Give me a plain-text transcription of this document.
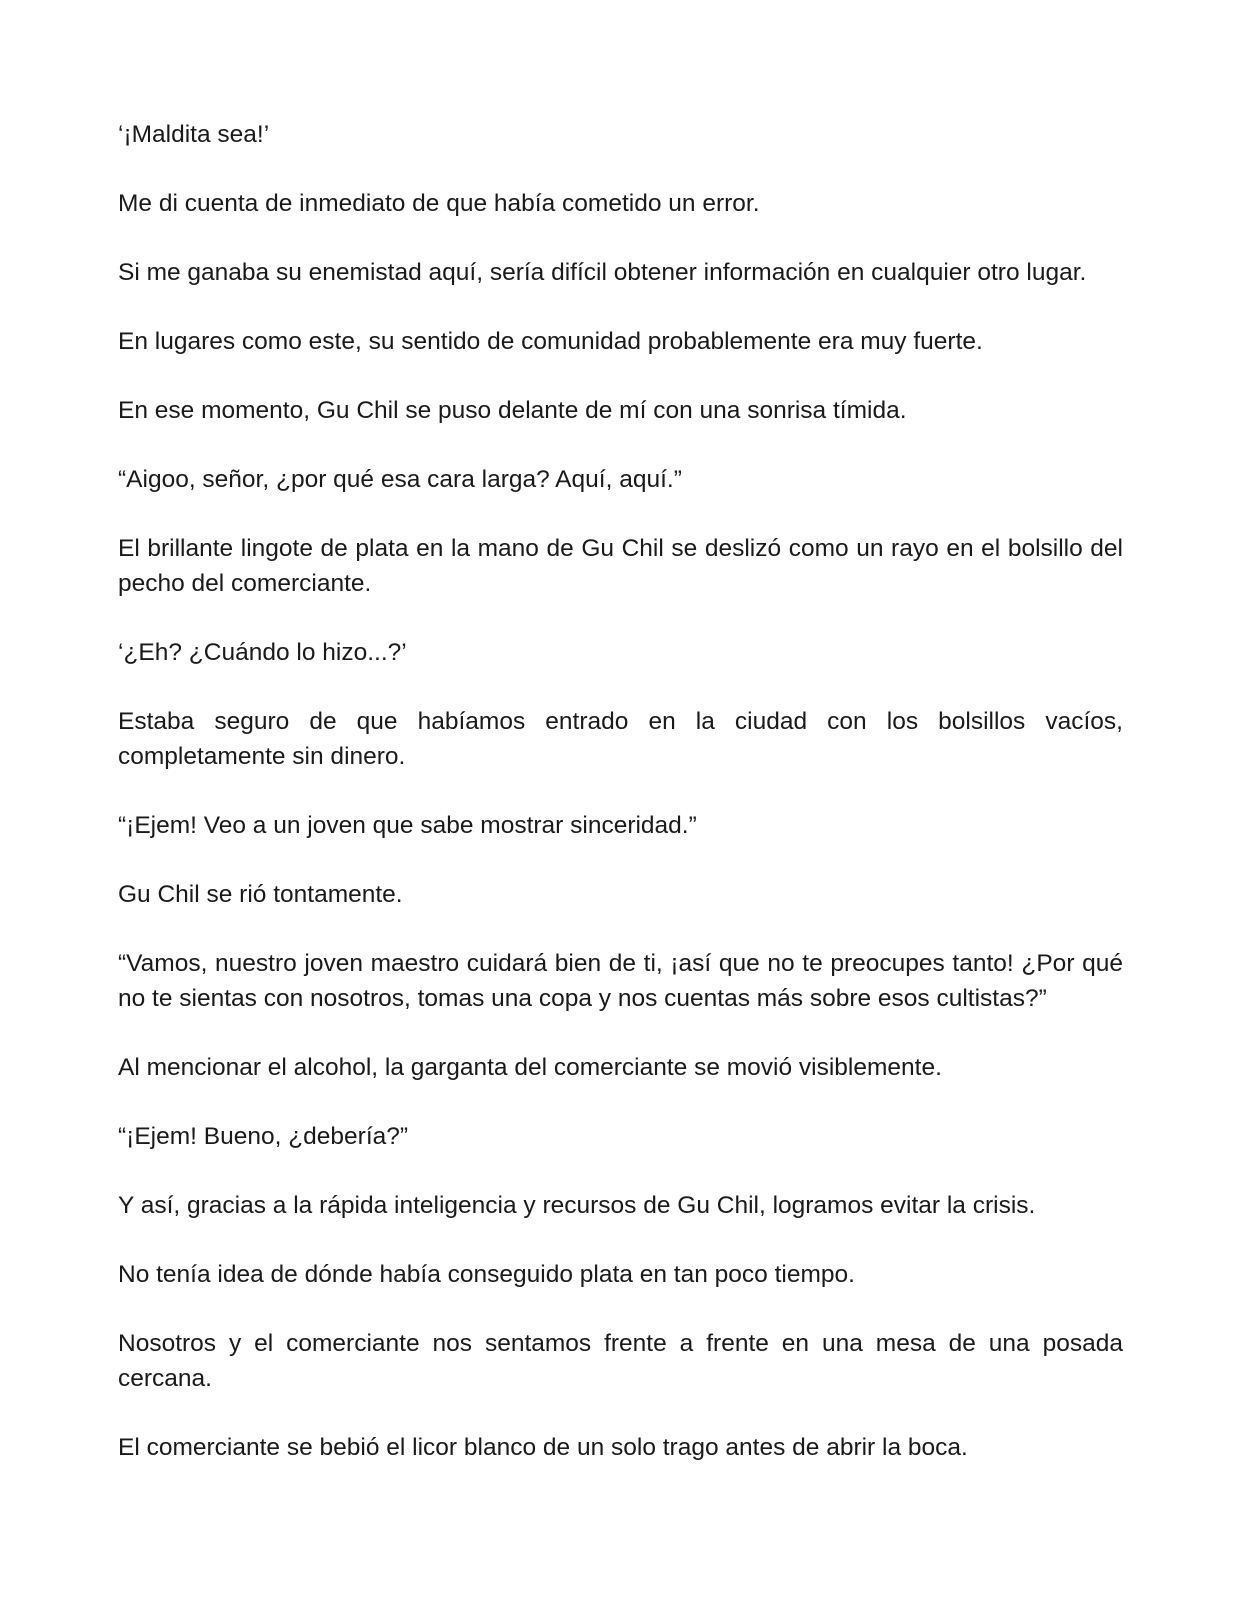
‘¡Maldita sea!’

Me di cuenta de inmediato de que había cometido un error.

Si me ganaba su enemistad aquí, sería difícil obtener información en cualquier otro lugar.

En lugares como este, su sentido de comunidad probablemente era muy fuerte.

En ese momento, Gu Chil se puso delante de mí con una sonrisa tímida.

“Aigoo, señor, ¿por qué esa cara larga? Aquí, aquí.”

El brillante lingote de plata en la mano de Gu Chil se deslizó como un rayo en el bolsillo del pecho del comerciante.

‘¿Eh? ¿Cuándo lo hizo...?’

Estaba seguro de que habíamos entrado en la ciudad con los bolsillos vacíos, completamente sin dinero.

“¡Ejem! Veo a un joven que sabe mostrar sinceridad.”

Gu Chil se rió tontamente.

“Vamos, nuestro joven maestro cuidará bien de ti, ¡así que no te preocupes tanto! ¿Por qué no te sientas con nosotros, tomas una copa y nos cuentas más sobre esos cultistas?”

Al mencionar el alcohol, la garganta del comerciante se movió visiblemente.

“¡Ejem! Bueno, ¿debería?”

Y así, gracias a la rápida inteligencia y recursos de Gu Chil, logramos evitar la crisis.

No tenía idea de dónde había conseguido plata en tan poco tiempo.

Nosotros y el comerciante nos sentamos frente a frente en una mesa de una posada cercana.

El comerciante se bebió el licor blanco de un solo trago antes de abrir la boca.
